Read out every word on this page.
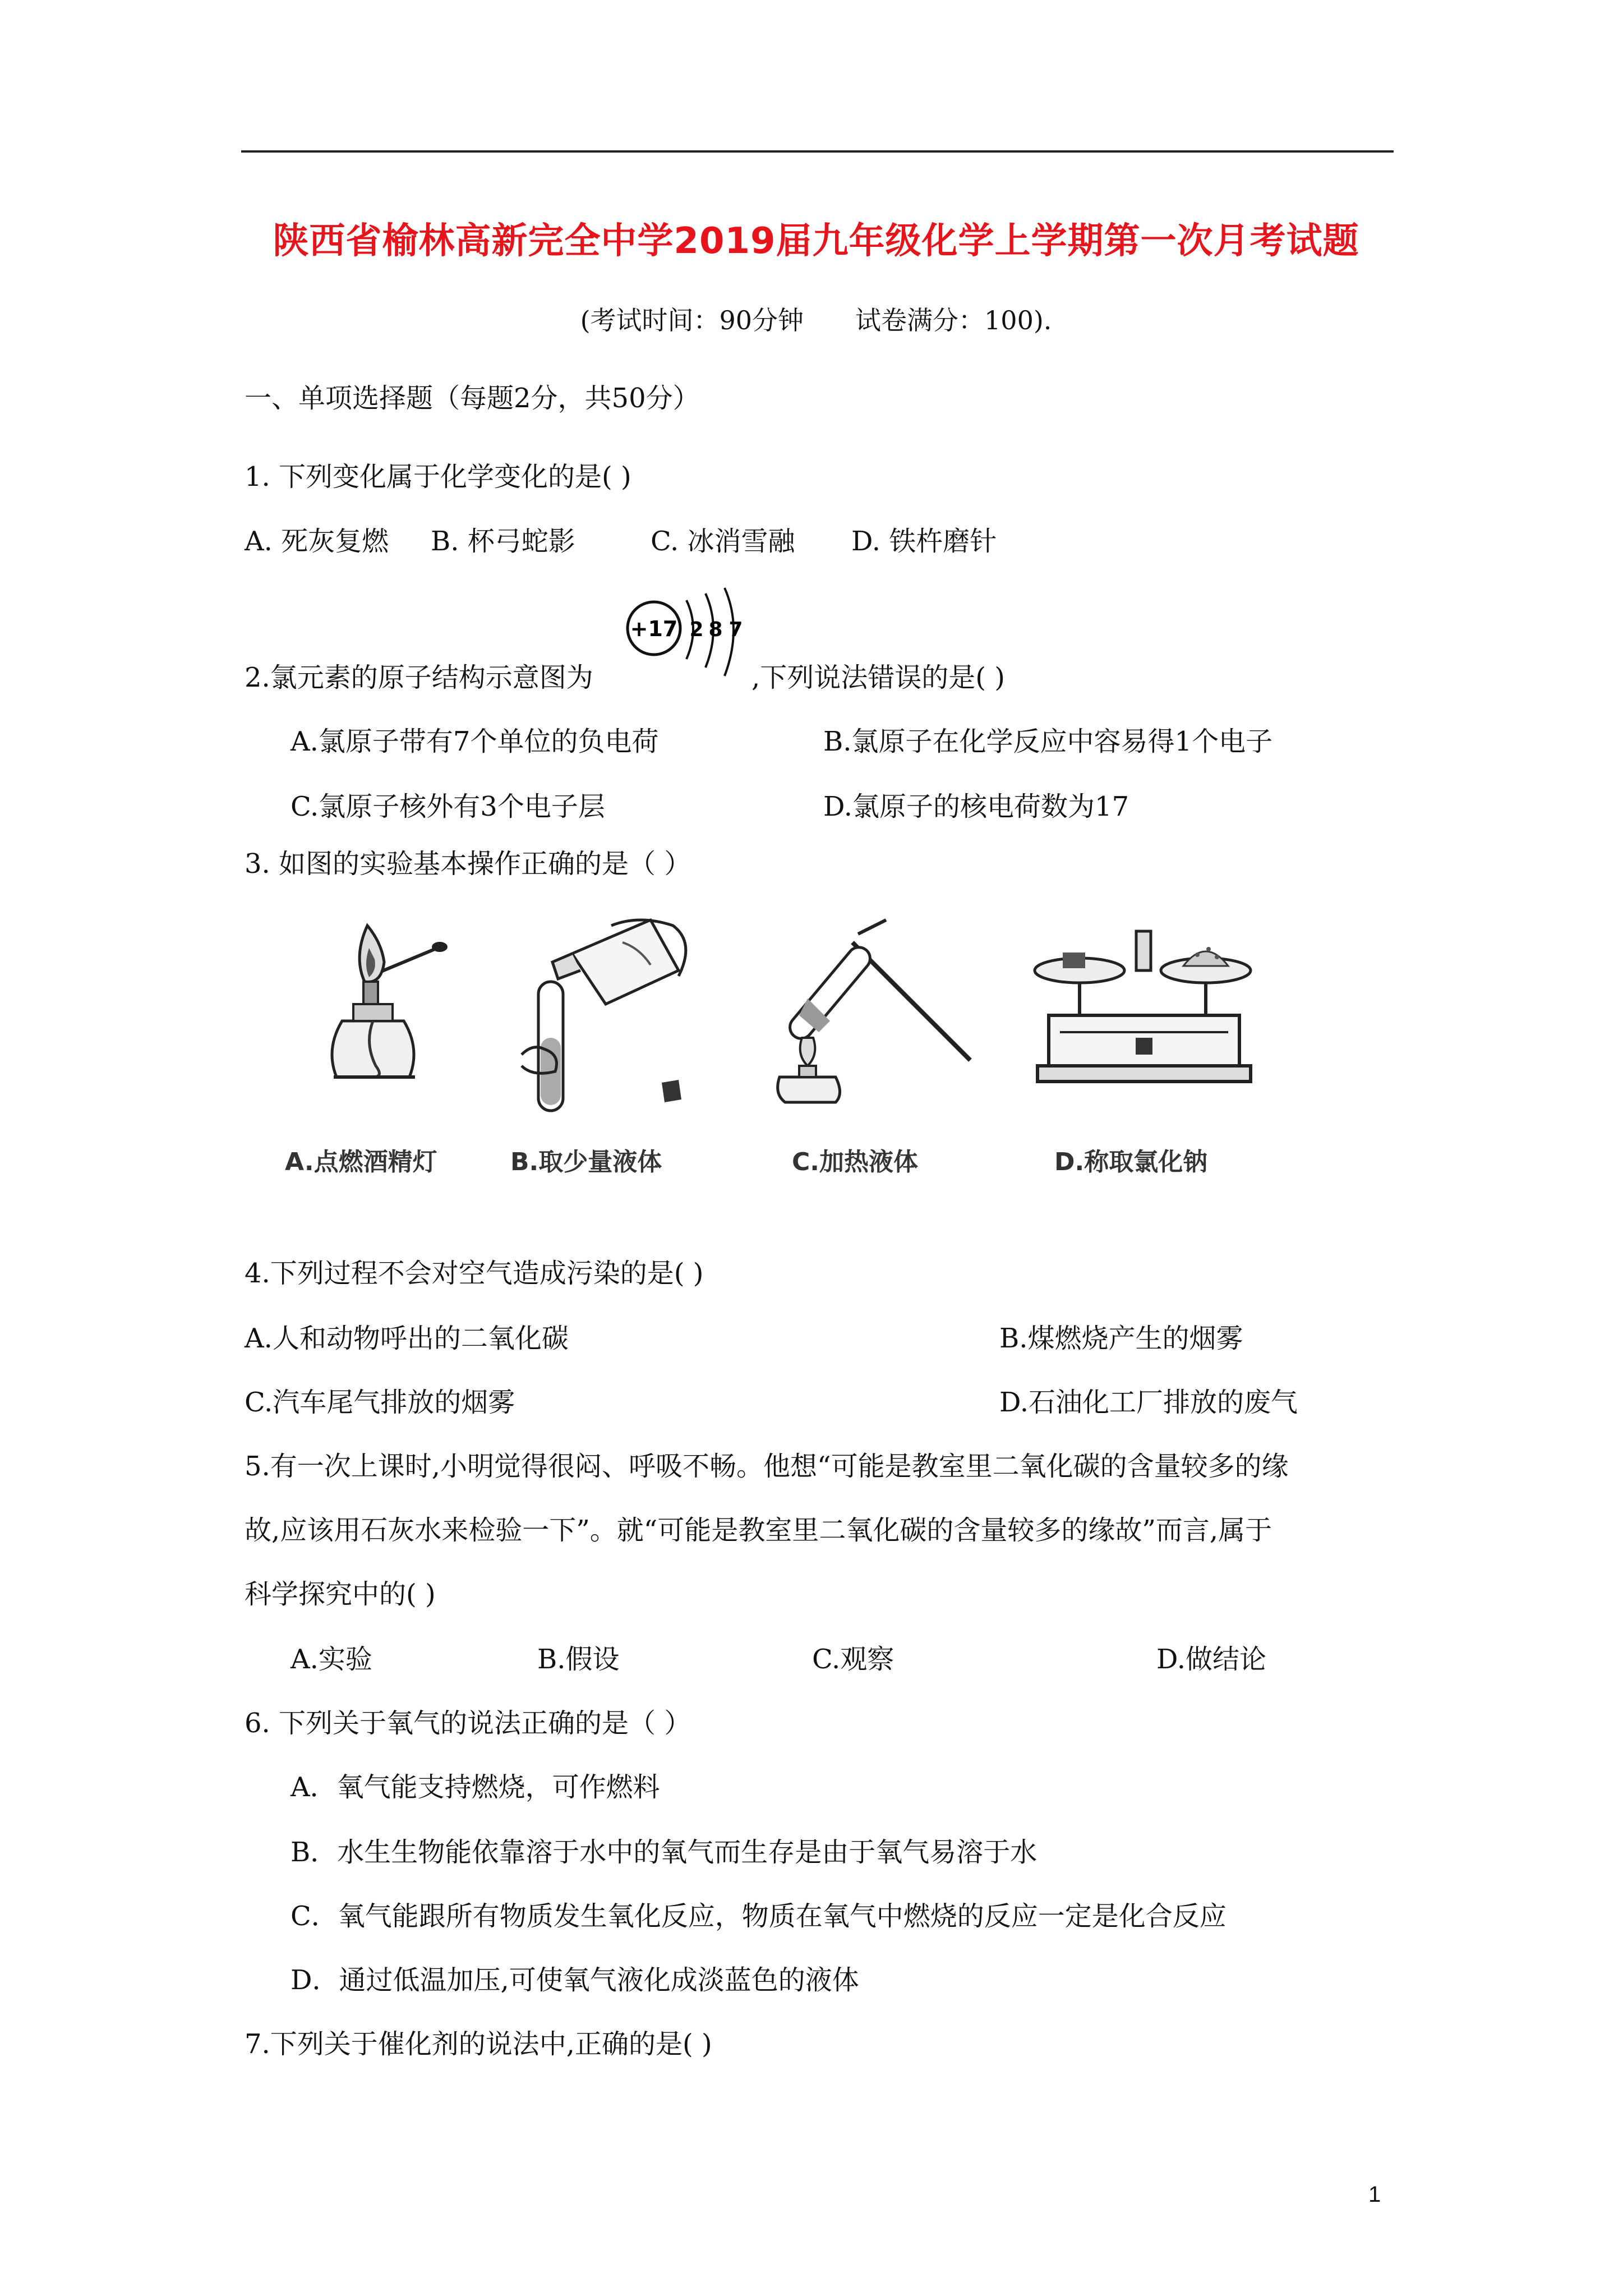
陕西省榆林高新完全中学2019届九年级化学上学期第一次月考试题
(考试时间：90分钟　　试卷满分：100).
一、单项选择题（每题2分，共50分）
1. 下列变化属于化学变化的是( )
A. 死灰复燃 B. 杯弓蛇影	C. 冰消雪融 D. 铁杵磨针
2.氯元素的原子结构示意图为
+17 2 8 7
,下列说法错误的是( )
A.氯原子带有7个单位的负电荷	B.氯原子在化学反应中容易得1个电子
C.氯原子核外有3个电子层	D.氯原子的核电荷数为17
3. 如图的实验基本操作正确的是（ ）
A.点燃酒精灯	B.取少量液体	C.加热液体	D.称取氯化钠
4.下列过程不会对空气造成污染的是( )
A.人和动物呼出的二氧化碳	B.煤燃烧产生的烟雾
C.汽车尾气排放的烟雾	D.石油化工厂排放的废气
5.有一次上课时,小明觉得很闷、呼吸不畅。他想“可能是教室里二氧化碳的含量较多的缘
故,应该用石灰水来检验一下”。就“可能是教室里二氧化碳的含量较多的缘故”而言,属于
科学探究中的( )
A.实验	B.假设	C.观察	D.做结论
6. 下列关于氧气的说法正确的是（ ）
A．氧气能支持燃烧，可作燃料
B．水生生物能依靠溶于水中的氧气而生存是由于氧气易溶于水
C．氧气能跟所有物质发生氧化反应，物质在氧气中燃烧的反应一定是化合反应
D．通过低温加压,可使氧气液化成淡蓝色的液体
7.下列关于催化剂的说法中,正确的是( )
1
